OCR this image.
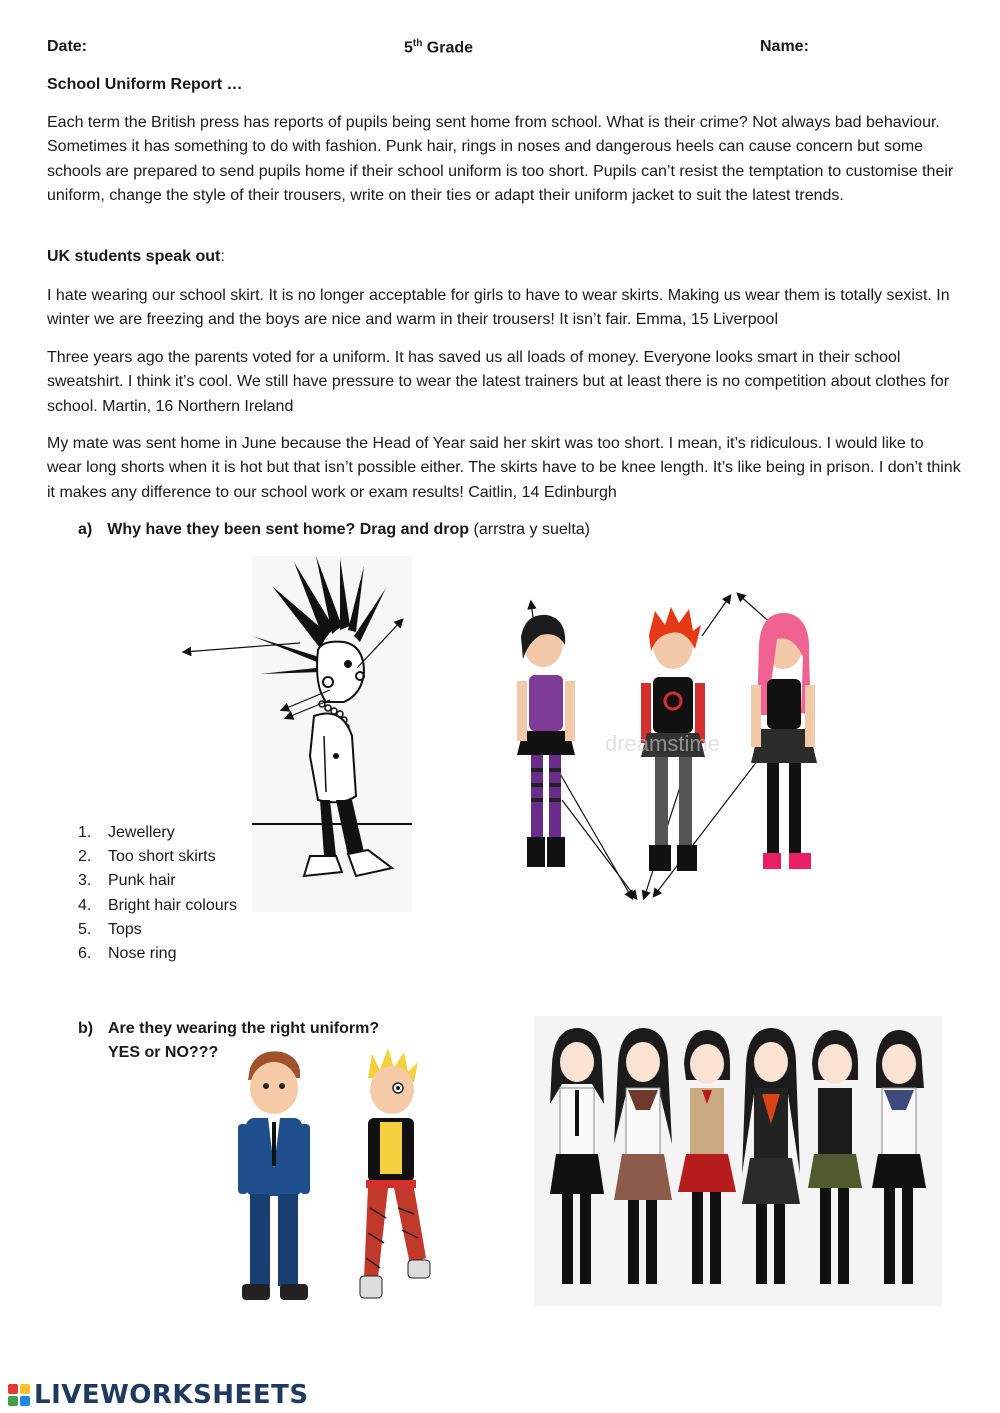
Date:	5th Grade	Name:
School Uniform Report …
Each term the British press has reports of pupils being sent home from school. What is their crime? Not always bad behaviour. Sometimes it has something to do with fashion. Punk hair, rings in noses and dangerous heels can cause concern but some schools are prepared to send pupils home if their school uniform is too short. Pupils can’t resist the temptation to customise their uniform, change the style of their trousers, write on their ties or adapt their uniform jacket to suit the latest trends.
UK students speak out:
I hate wearing our school skirt. It is no longer acceptable for girls to have to wear skirts. Making us wear them is totally sexist. In winter we are freezing and the boys are nice and warm in their trousers! It isn’t fair. Emma, 15 Liverpool
Three years ago the parents voted for a uniform. It has saved us all loads of money. Everyone looks smart in their school sweatshirt. I think it’s cool. We still have pressure to wear the latest trainers but at least there is no competition about clothes for school. Martin, 16 Northern Ireland
My mate was sent home in June because the Head of Year said her skirt was too short. I mean, it’s ridiculous. I would like to wear long shorts when it is hot but that isn’t possible either. The skirts have to be knee length. It’s like being in prison. I don’t think it makes any difference to our school work or exam results! Caitlin, 14 Edinburgh
a) Why have they been sent home? Drag and drop (arrstra y suelta)
dreamstime
1.	Jewellery
2.	Too short skirts
3.	Punk hair
4.	Bright hair colours
5.	Tops
6.	Nose ring
b) Are they wearing the right uniform?
YES or NO???
LIVEWORKSHEETS
